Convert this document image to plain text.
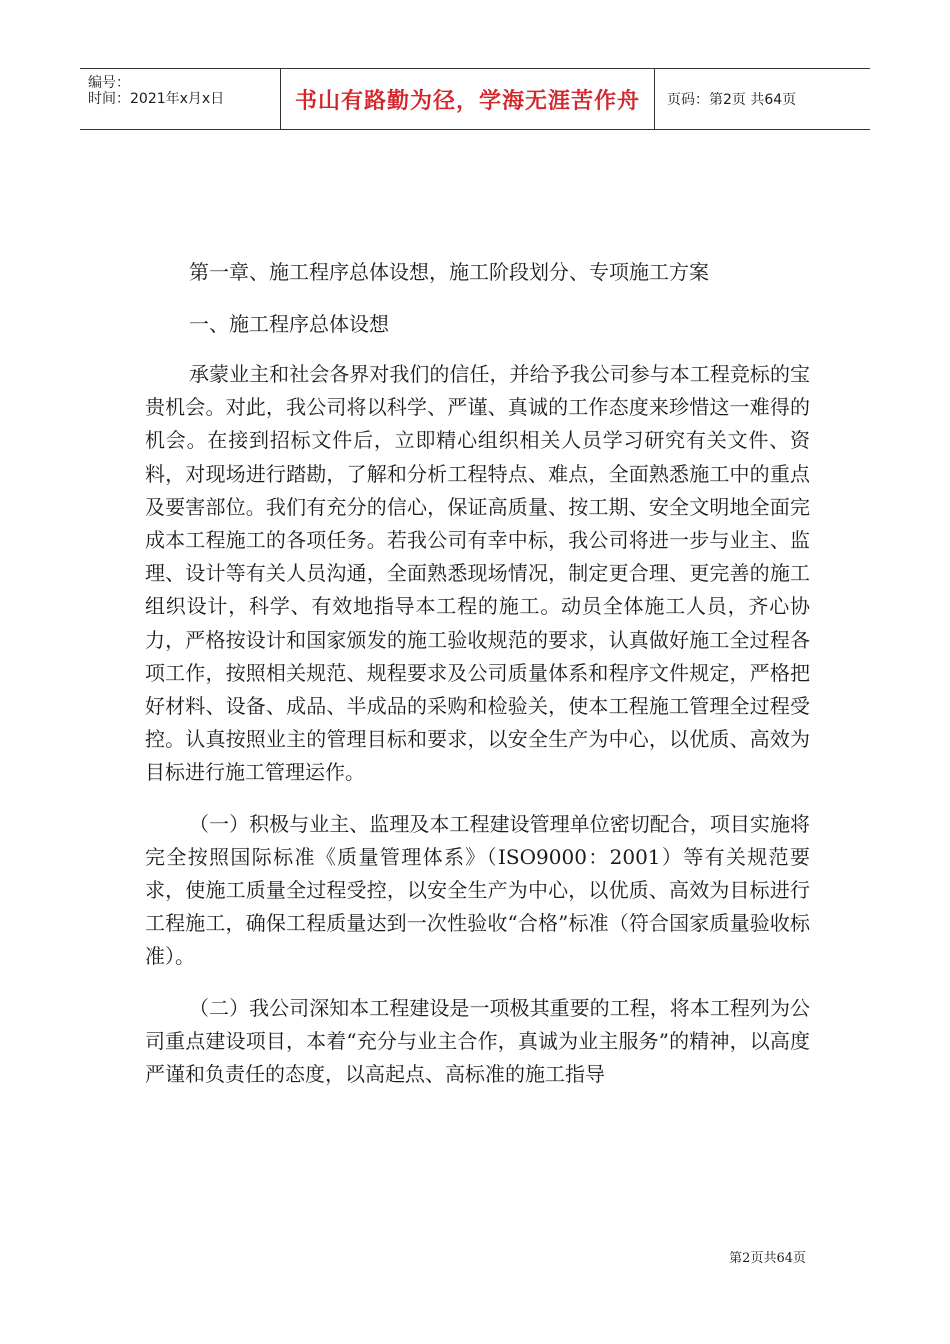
编号：
时间：2021年x月x日	书山有路勤为径，学海无涯苦作舟	页码：第2页 共64页
第一章、施工程序总体设想，施工阶段划分、专项施工方案
一、施工程序总体设想

承蒙业主和社会各界对我们的信任，并给予我公司参与本工程竞标的宝贵机会。对此，我公司将以科学、严谨、真诚的工作态度来珍惜这一难得的机会。在接到招标文件后，立即精心组织相关人员学习研究有关文件、资料，对现场进行踏勘，了解和分析工程特点、难点，全面熟悉施工中的重点及要害部位。我们有充分的信心，保证高质量、按工期、安全文明地全面完成本工程施工的各项任务。若我公司有幸中标，我公司将进一步与业主、监理、设计等有关人员沟通，全面熟悉现场情况，制定更合理、更完善的施工组织设计，科学、有效地指导本工程的施工。动员全体施工人员，齐心协力，严格按设计和国家颁发的施工验收规范的要求，认真做好施工全过程各项工作，按照相关规范、规程要求及公司质量体系和程序文件规定，严格把好材料、设备、成品、半成品的采购和检验关，使本工程施工管理全过程受控。认真按照业主的管理目标和要求，以安全生产为中心，以优质、高效为目标进行施工管理运作。

（一）积极与业主、监理及本工程建设管理单位密切配合，项目实施将完全按照国际标准《质量管理体系》（ISO9000：2001）等有关规范要求，使施工质量全过程受控，以安全生产为中心，以优质、高效为目标进行工程施工，确保工程质量达到一次性验收“合格”标准（符合国家质量验收标准）。

（二）我公司深知本工程建设是一项极其重要的工程，将本工程列为公司重点建设项目，本着“充分与业主合作，真诚为业主服务”的精神，以高度严谨和负责任的态度，以高起点、高标准的施工指导

第2页共64页
